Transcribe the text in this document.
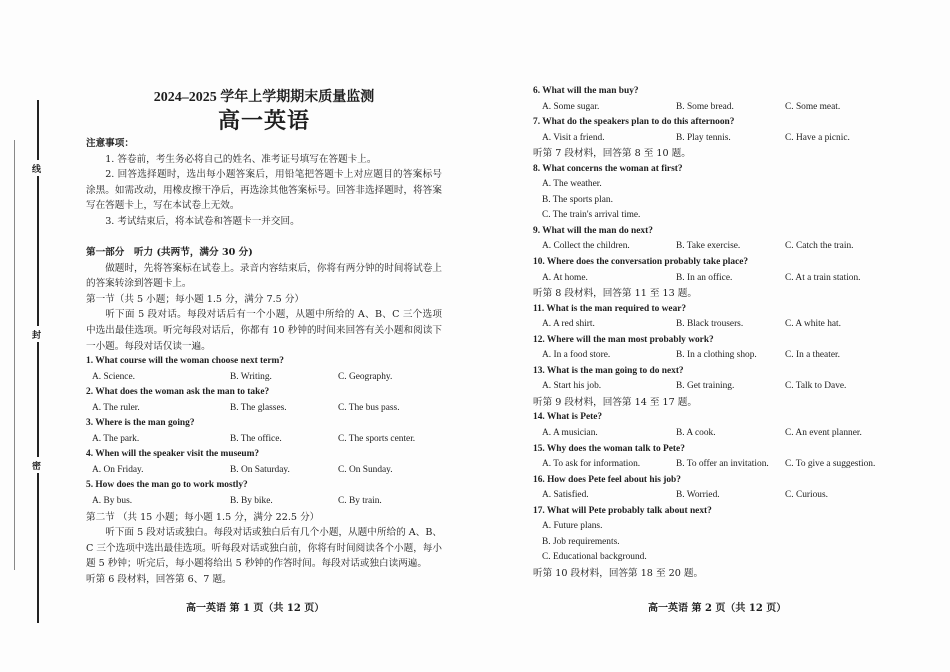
线
封
密
2024–2025 学年上学期期末质量监测
高一英语
注意事项：
1. 答卷前，考生务必将自己的姓名、准考证号填写在答题卡上。
2. 回答选择题时，选出每小题答案后，用铅笔把答题卡上对应题目的答案标号涂黑。如需改动，用橡皮擦干净后，再选涂其他答案标号。回答非选择题时，将答案写在答题卡上，写在本试卷上无效。
3. 考试结束后，将本试卷和答题卡一并交回。
第一部分　听力 (共两节，满分 30 分)
做题时，先将答案标在试卷上。录音内容结束后，你将有两分钟的时间将试卷上的答案转涂到答题卡上。
第一节（共 5 小题；每小题 1.5 分，满分 7.5 分）
听下面 5 段对话。每段对话后有一个小题，从题中所给的 A、B、C 三个选项中选出最佳选项。听完每段对话后，你都有 10 秒钟的时间来回答有关小题和阅读下一小题。每段对话仅读一遍。
1. What course will the woman choose next term?
A. Science.	B. Writing.	C. Geography.
2. What does the woman ask the man to take?
A. The ruler.	B. The glasses.	C. The bus pass.
3. Where is the man going?
A. The park.	B. The office.	C. The sports center.
4. When will the speaker visit the museum?
A. On Friday.	B. On Saturday.	C. On Sunday.
5. How does the man go to work mostly?
A. By bus.	B. By bike.	C. By train.
第二节 （共 15 小题；每小题 1.5 分，满分 22.5 分）
听下面 5 段对话或独白。每段对话或独白后有几个小题，从题中所给的 A、B、C 三个选项中选出最佳选项。听每段对话或独白前，你将有时间阅读各个小题，每小题 5 秒钟；听完后，每小题将给出 5 秒钟的作答时间。每段对话或独白读两遍。
听第 6 段材料，回答第 6、7 题。
6. What will the man buy?
A. Some sugar.	B. Some bread.	C. Some meat.
7. What do the speakers plan to do this afternoon?
A. Visit a friend.	B. Play tennis.	C. Have a picnic.
听第 7 段材料，回答第 8 至 10 题。
8. What concerns the woman at first?
A. The weather.
B. The sports plan.
C. The train's arrival time.
9. What will the man do next?
A. Collect the children.	B. Take exercise.	C. Catch the train.
10. Where does the conversation probably take place?
A. At home.	B. In an office.	C. At a train station.
听第 8 段材料，回答第 11 至 13 题。
11. What is the man required to wear?
A. A red shirt.	B. Black trousers.	C. A white hat.
12. Where will the man most probably work?
A. In a food store.	B. In a clothing shop.	C. In a theater.
13. What is the man going to do next?
A. Start his job.	B. Get training.	C. Talk to Dave.
听第 9 段材料，回答第 14 至 17 题。
14. What is Pete?
A. A musician.	B. A cook.	C. An event planner.
15. Why does the woman talk to Pete?
A. To ask for information.	B. To offer an invitation. C. To give a suggestion.
16. How does Pete feel about his job?
A. Satisfied.	B. Worried.	C. Curious.
17. What will Pete probably talk about next?
A. Future plans.
B. Job requirements.
C. Educational background.
听第 10 段材料，回答第 18 至 20 题。
高一英语 第 1 页（共 12 页）	高一英语 第 2 页（共 12 页）
